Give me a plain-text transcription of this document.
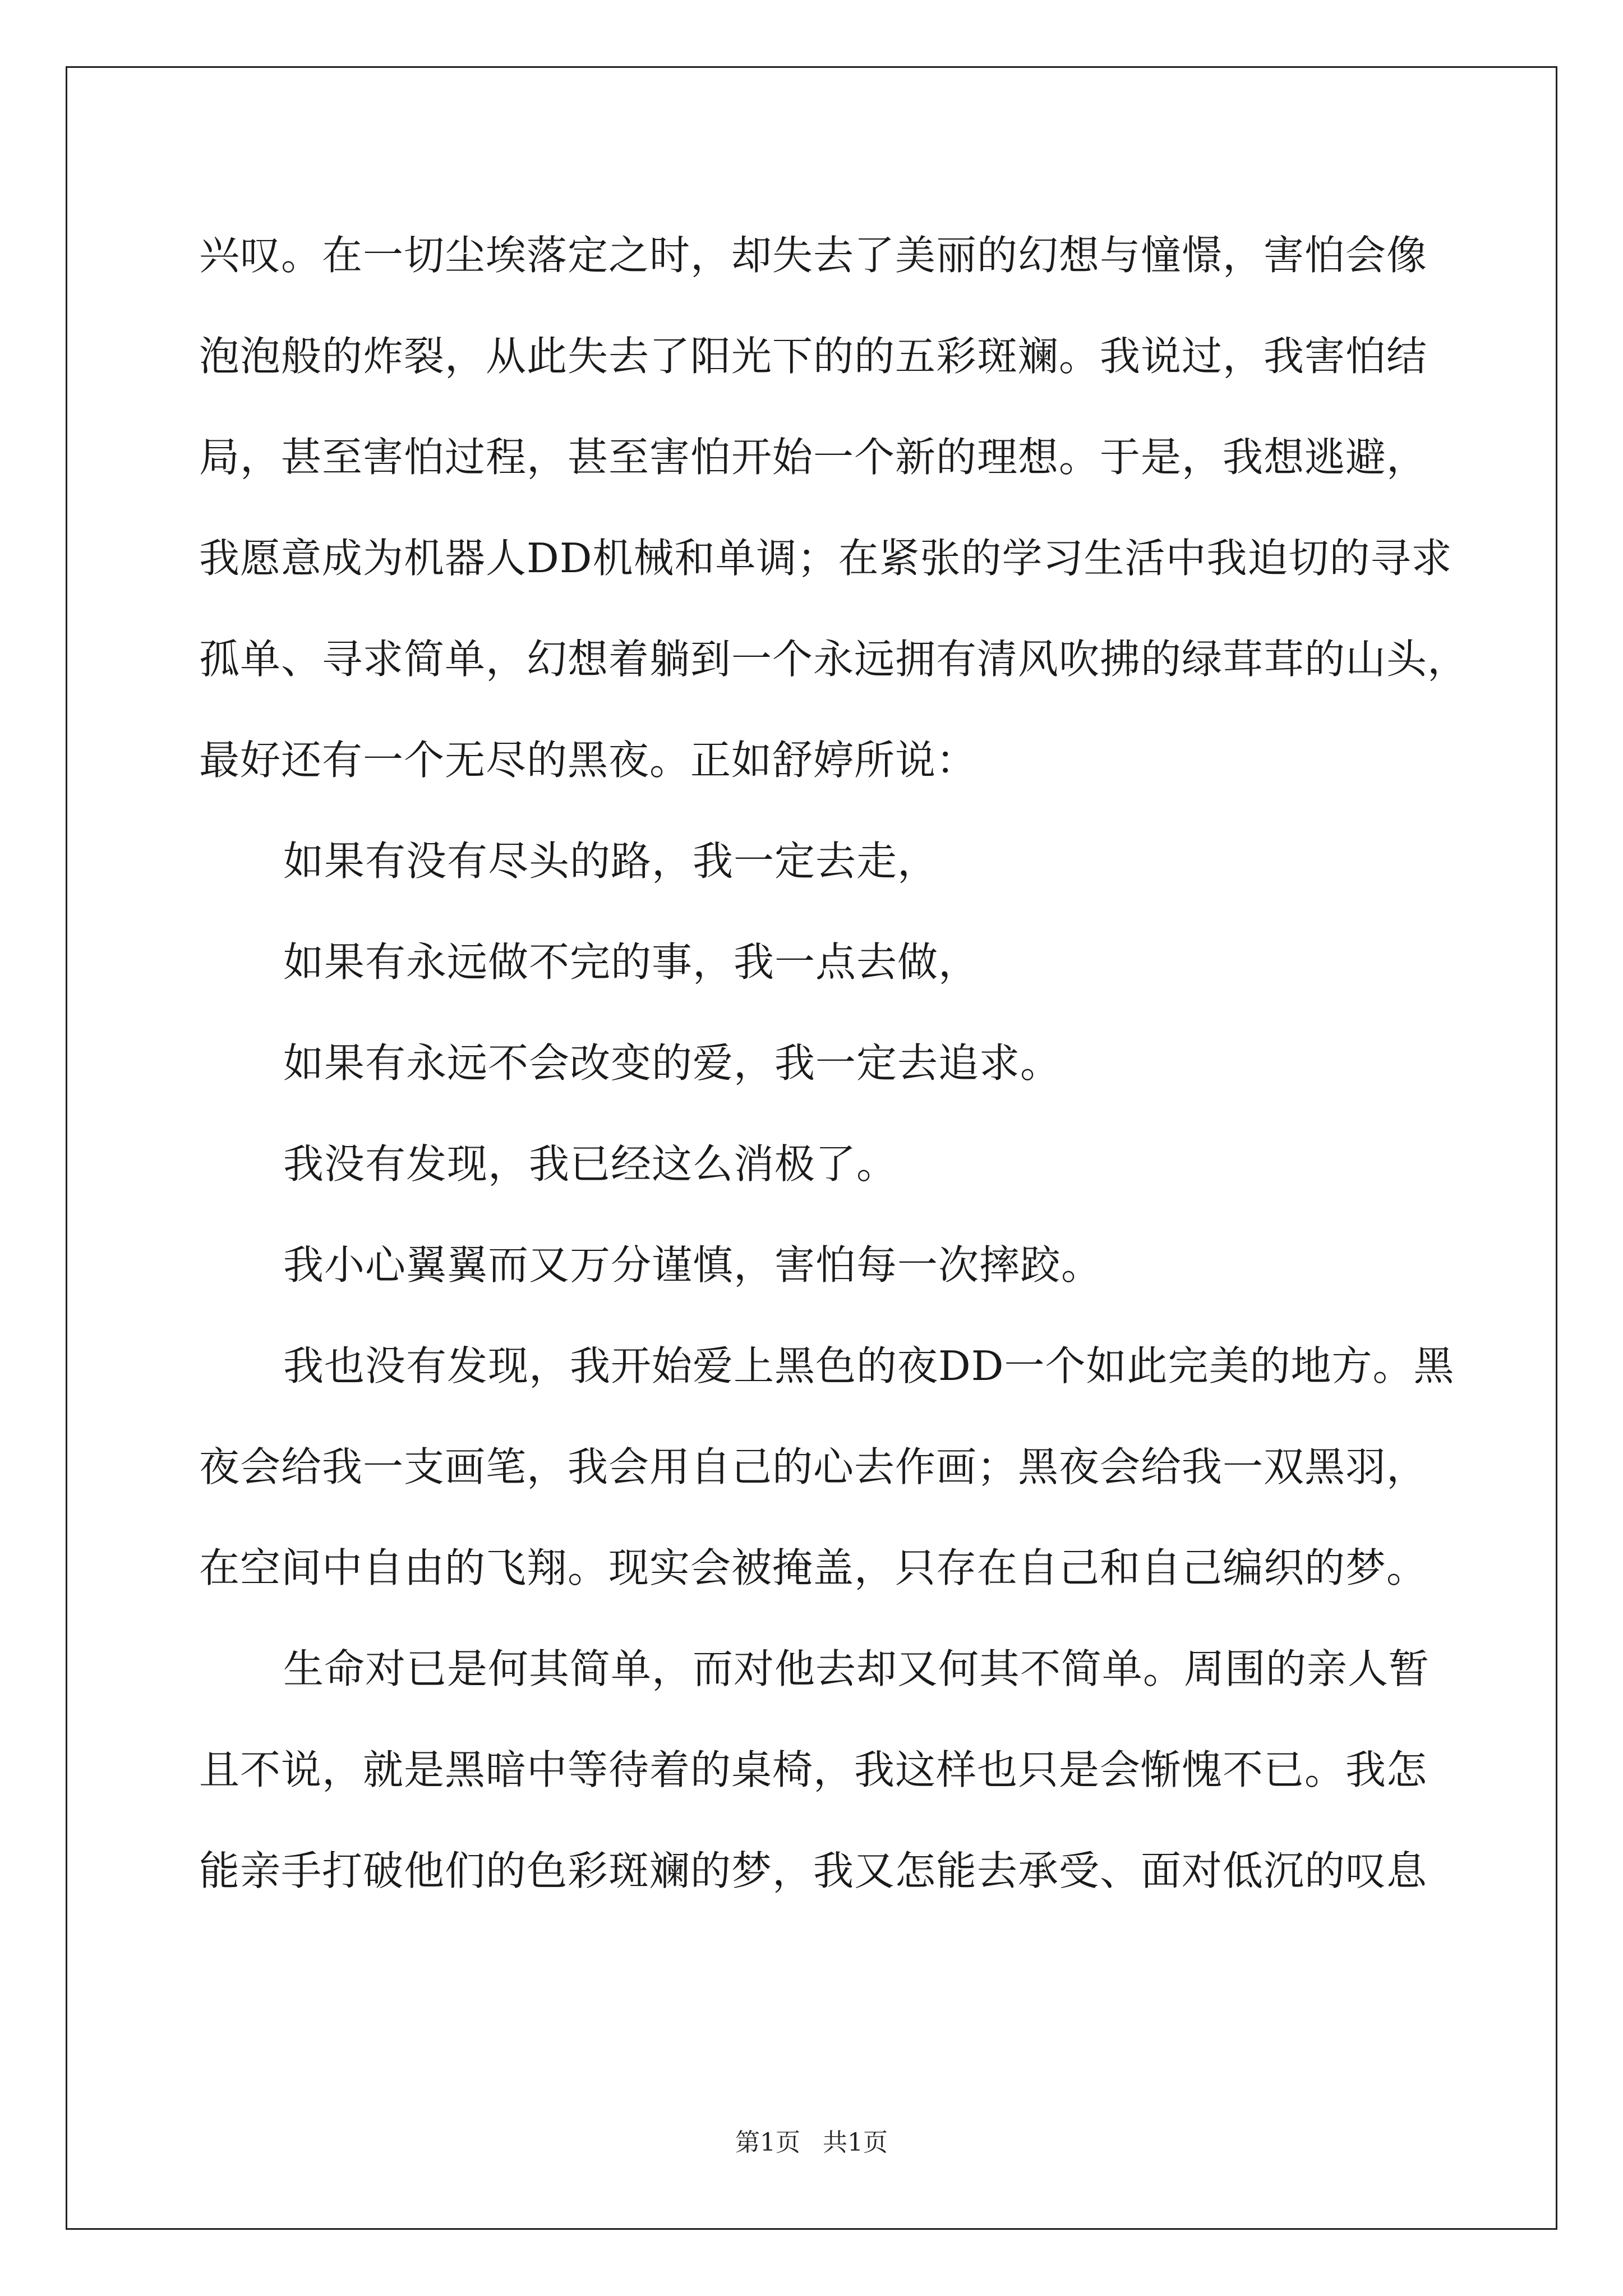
兴叹。在一切尘埃落定之时，却失去了美丽的幻想与憧憬，害怕会像
泡泡般的炸裂，从此失去了阳光下的的五彩斑斓。我说过，我害怕结
局，甚至害怕过程，甚至害怕开始一个新的理想。于是，我想逃避，
我愿意成为机器人DD机械和单调；在紧张的学习生活中我迫切的寻求
孤单、寻求简单，幻想着躺到一个永远拥有清风吹拂的绿茸茸的山头，
最好还有一个无尽的黑夜。正如舒婷所说：
如果有没有尽头的路，我一定去走，
如果有永远做不完的事，我一点去做，
如果有永远不会改变的爱，我一定去追求。
我没有发现，我已经这么消极了。
我小心翼翼而又万分谨慎，害怕每一次摔跤。
我也没有发现，我开始爱上黑色的夜DD一个如此完美的地方。黑
夜会给我一支画笔，我会用自己的心去作画；黑夜会给我一双黑羽，
在空间中自由的飞翔。现实会被掩盖，只存在自己和自己编织的梦。
生命对已是何其简单，而对他去却又何其不简单。周围的亲人暂
且不说，就是黑暗中等待着的桌椅，我这样也只是会惭愧不已。我怎
能亲手打破他们的色彩斑斓的梦，我又怎能去承受、面对低沉的叹息
第1页 共1页
